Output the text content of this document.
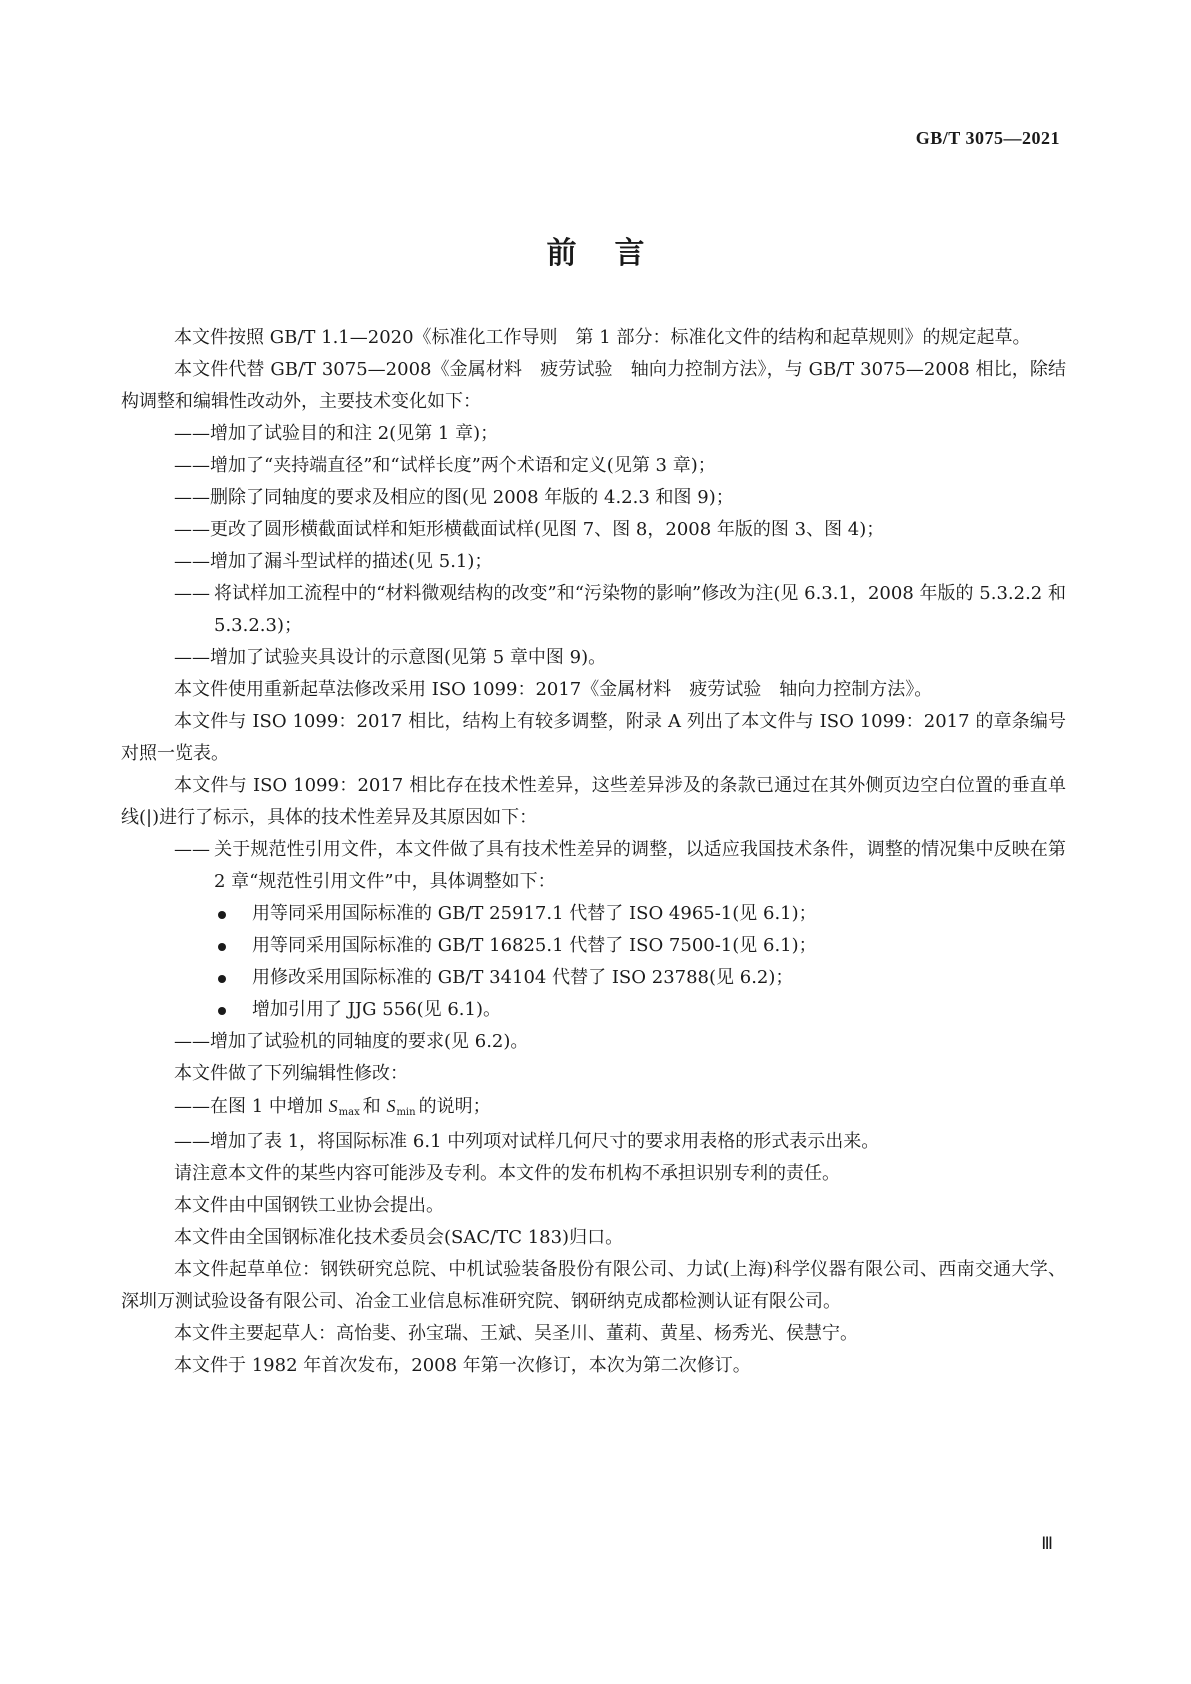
GB/T 3075—2021
前言

本文件按照 GB/T 1.1—2020《标准化工作导则　第 1 部分：标准化文件的结构和起草规则》的规定起草。

本文件代替 GB/T 3075—2008《金属材料　疲劳试验　轴向力控制方法》，与 GB/T 3075—2008 相比，除结构调整和编辑性改动外，主要技术变化如下：

——增加了试验目的和注 2(见第 1 章)；

——增加了“夹持端直径”和“试样长度”两个术语和定义(见第 3 章)；

——删除了同轴度的要求及相应的图(见 2008 年版的 4.2.3 和图 9)；

——更改了圆形横截面试样和矩形横截面试样(见图 7、图 8，2008 年版的图 3、图 4)；

——增加了漏斗型试样的描述(见 5.1)；

—— 将试样加工流程中的“材料微观结构的改变”和“污染物的影响”修改为注(见 6.3.1，2008 年版的 5.3.2.2 和 5.3.2.3)；

——增加了试验夹具设计的示意图(见第 5 章中图 9)。

本文件使用重新起草法修改采用 ISO 1099：2017《金属材料　疲劳试验　轴向力控制方法》。

本文件与 ISO 1099：2017 相比，结构上有较多调整，附录 A 列出了本文件与 ISO 1099：2017 的章条编号对照一览表。

本文件与 ISO 1099：2017 相比存在技术性差异，这些差异涉及的条款已通过在其外侧页边空白位置的垂直单线(|)进行了标示，具体的技术性差异及其原因如下：

—— 关于规范性引用文件，本文件做了具有技术性差异的调整，以适应我国技术条件，调整的情况集中反映在第 2 章“规范性引用文件”中，具体调整如下：

用等同采用国际标准的 GB/T 25917.1 代替了 ISO 4965-1(见 6.1)；

用等同采用国际标准的 GB/T 16825.1 代替了 ISO 7500-1(见 6.1)；

用修改采用国际标准的 GB/T 34104 代替了 ISO 23788(见 6.2)；

增加引用了 JJG 556(见 6.1)。

——增加了试验机的同轴度的要求(见 6.2)。

本文件做了下列编辑性修改：

——在图 1 中增加 Smax 和 Smin 的说明；

——增加了表 1，将国际标准 6.1 中列项对试样几何尺寸的要求用表格的形式表示出来。

请注意本文件的某些内容可能涉及专利。本文件的发布机构不承担识别专利的责任。

本文件由中国钢铁工业协会提出。

本文件由全国钢标准化技术委员会(SAC/TC 183)归口。

本文件起草单位：钢铁研究总院、中机试验装备股份有限公司、力试(上海)科学仪器有限公司、西南交通大学、深圳万测试验设备有限公司、冶金工业信息标准研究院、钢研纳克成都检测认证有限公司。

本文件主要起草人：高怡斐、孙宝瑞、王斌、吴圣川、董莉、黄星、杨秀光、侯慧宁。

本文件于 1982 年首次发布，2008 年第一次修订，本次为第二次修订。

Ⅲ
